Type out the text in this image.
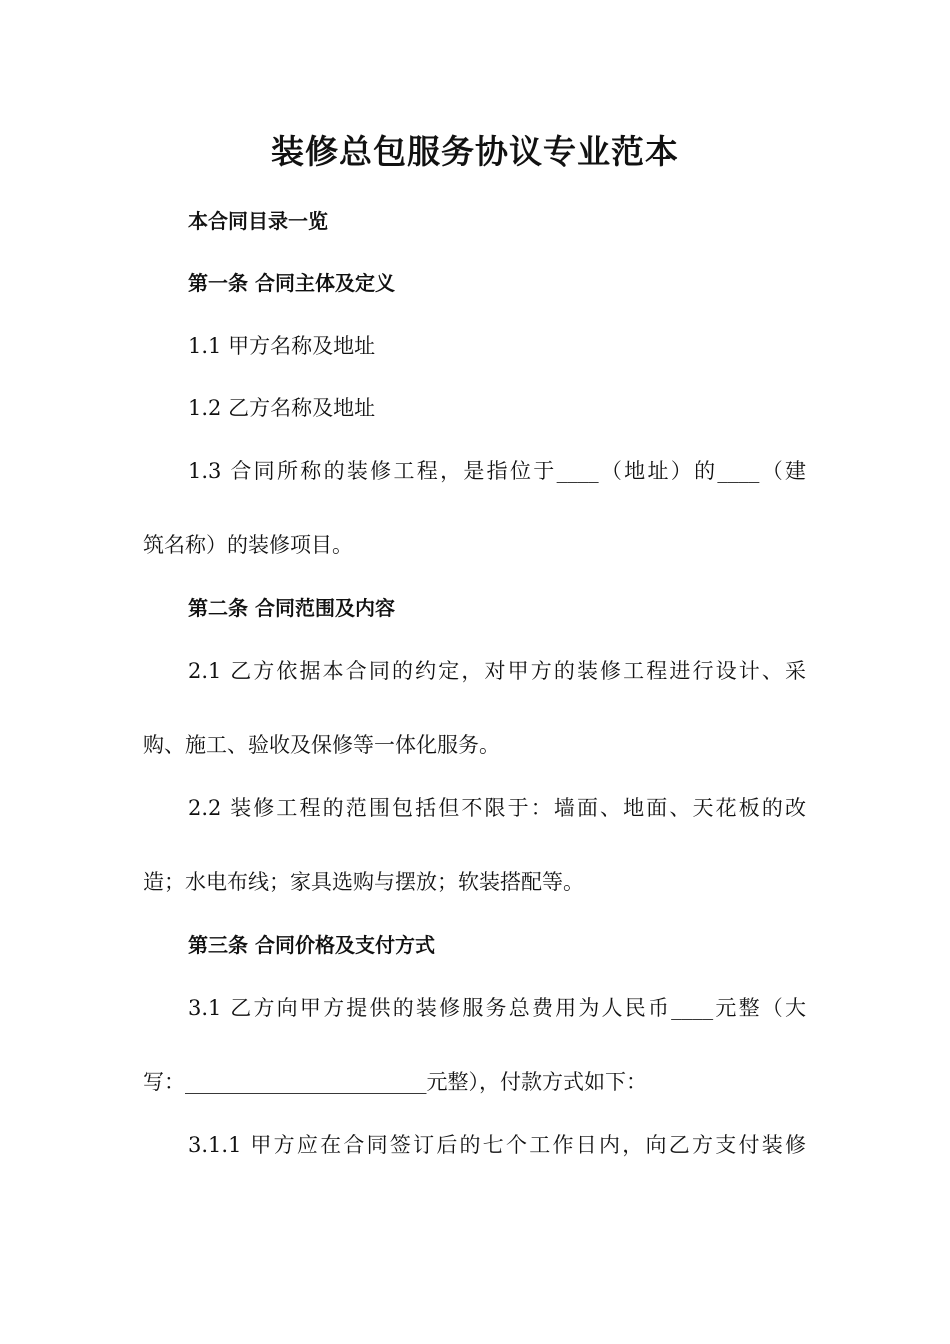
装修总包服务协议专业范本
本合同目录一览
第一条 合同主体及定义
1.1 甲方名称及地址
1.2 乙方名称及地址
1.3 合同所称的装修工程，是指位于____（地址）的____（建
筑名称）的装修项目。
第二条 合同范围及内容
2.1 乙方依据本合同的约定，对甲方的装修工程进行设计、采
购、施工、验收及保修等一体化服务。
2.2 装修工程的范围包括但不限于：墙面、地面、天花板的改
造；水电布线；家具选购与摆放；软装搭配等。
第三条 合同价格及支付方式
3.1 乙方向甲方提供的装修服务总费用为人民币____元整（大
写：_______________________元整），付款方式如下：
3.1.1 甲方应在合同签订后的七个工作日内，向乙方支付装修
